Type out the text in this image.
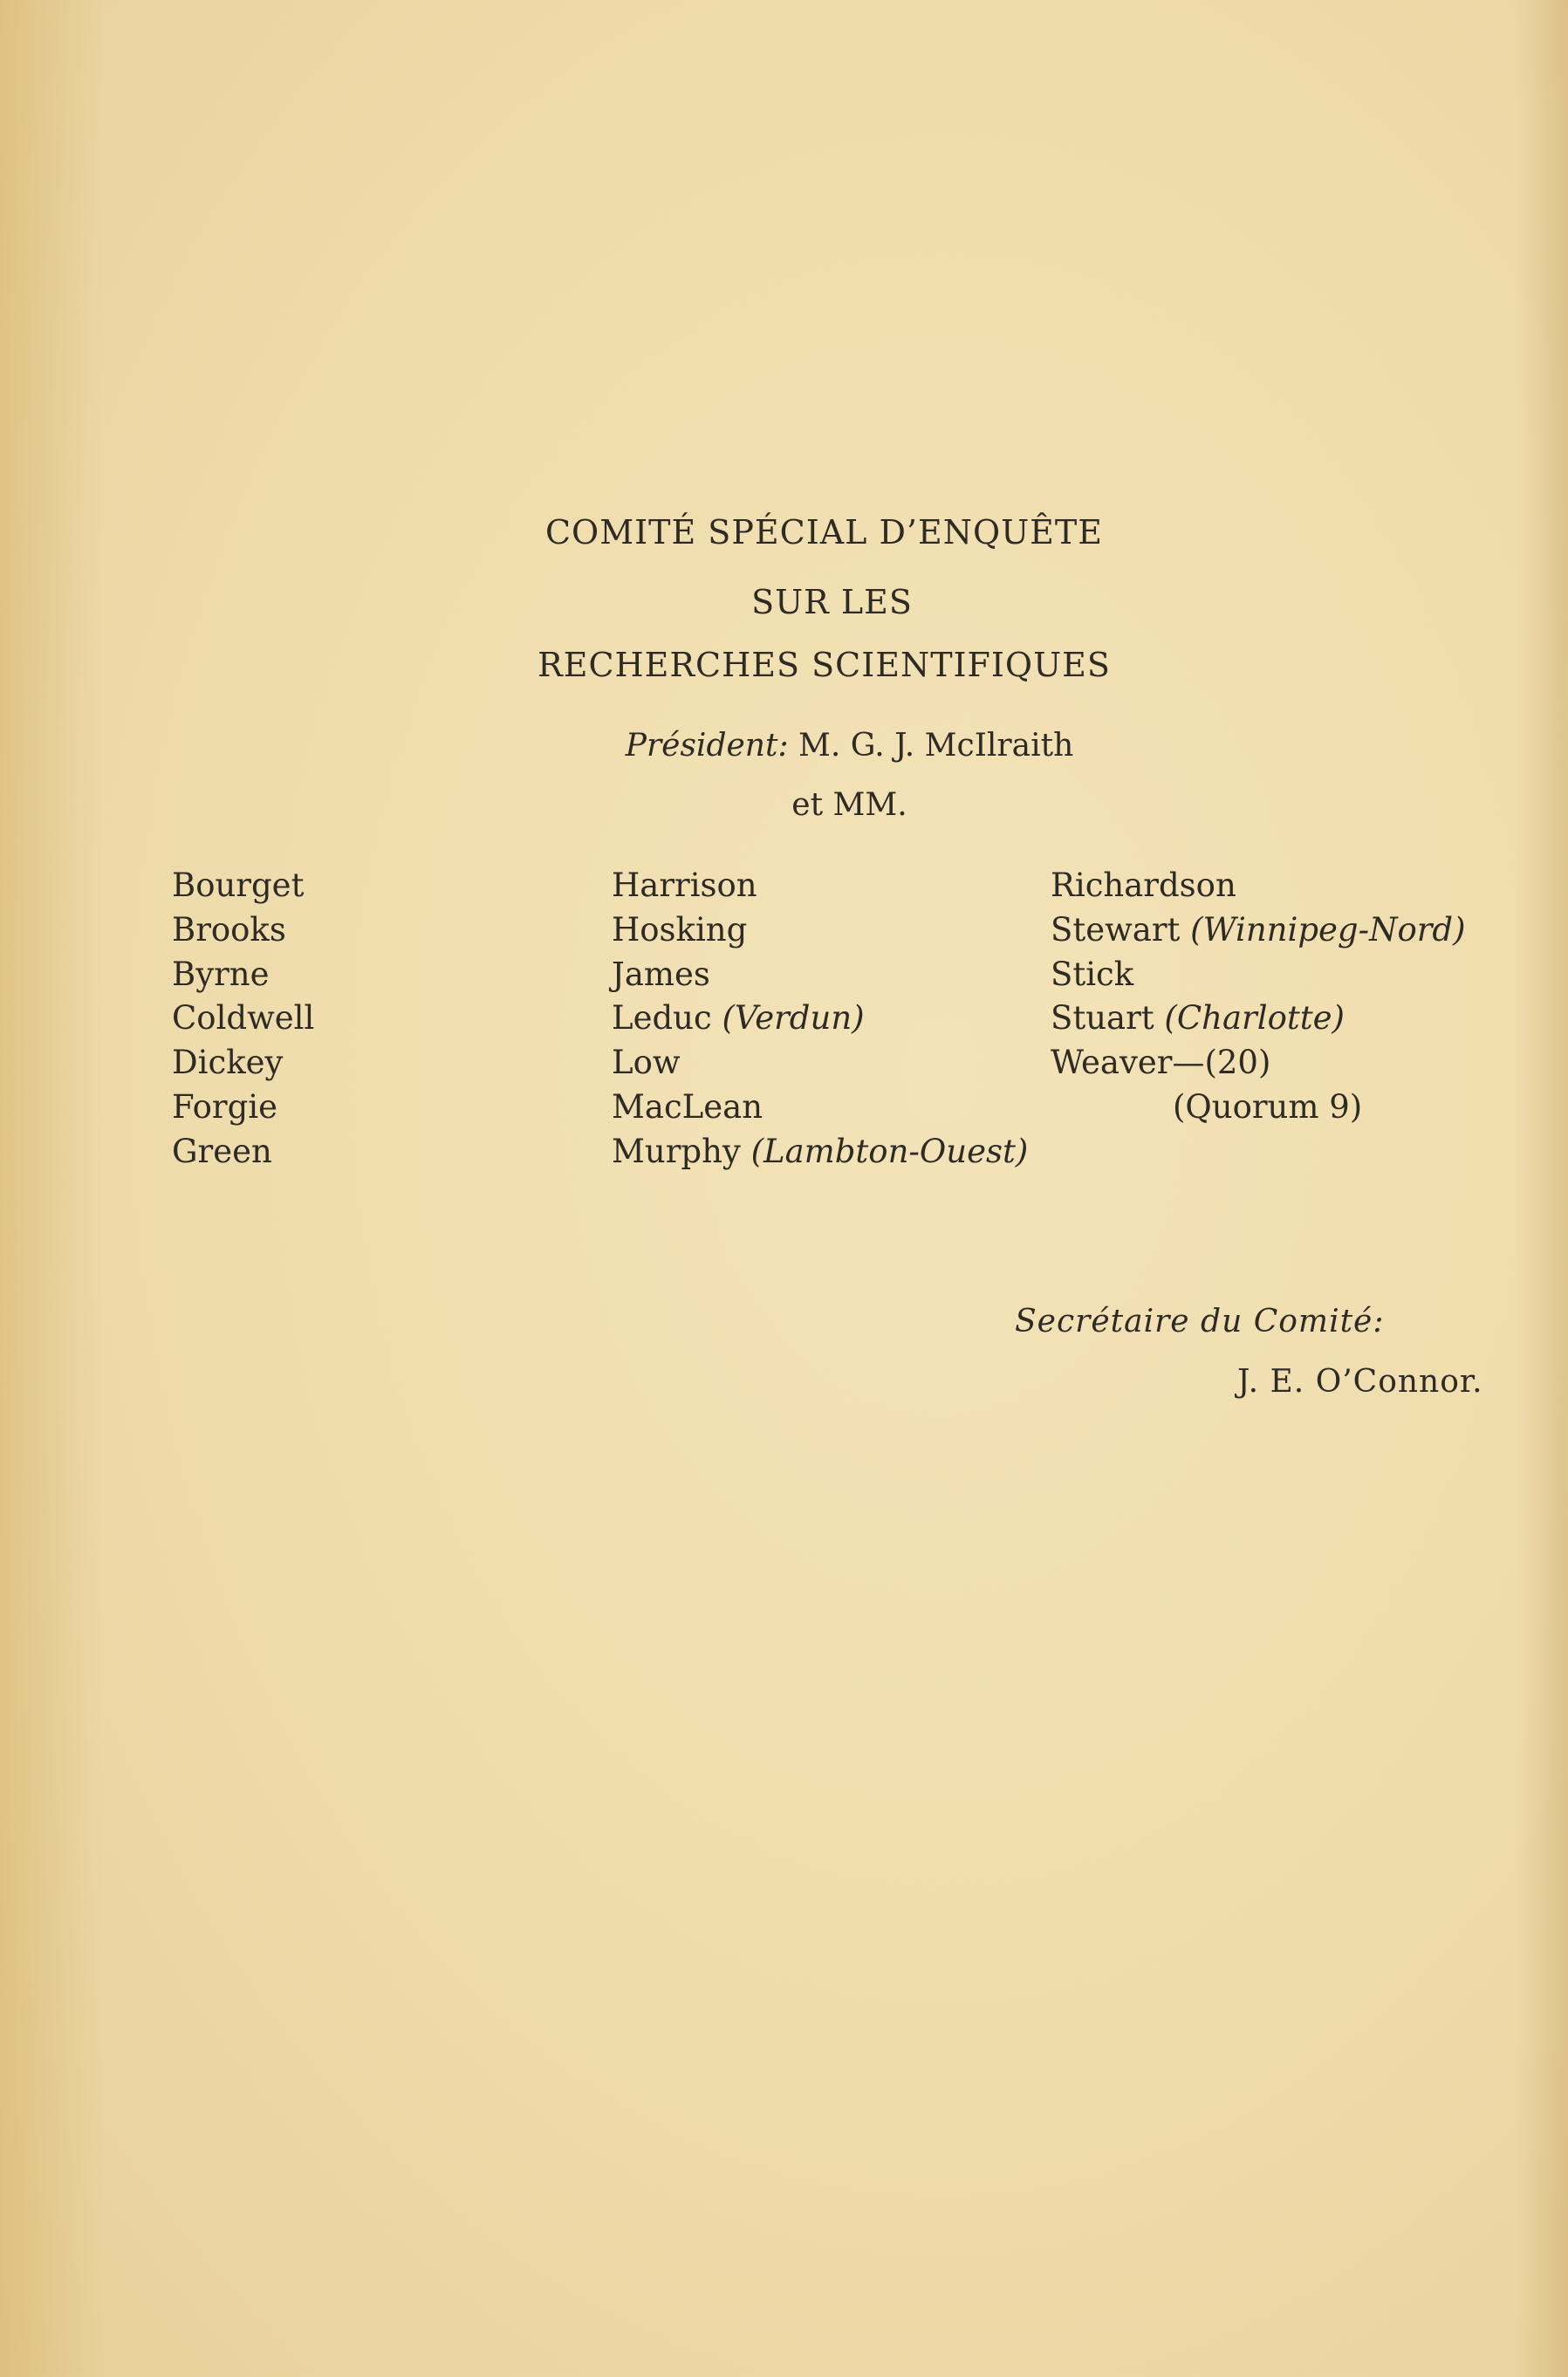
COMITÉ SPÉCIAL D’ENQUÊTE
SUR LES
RECHERCHES SCIENTIFIQUES
Président: M. G. J. McIlraith
et MM.
Bourget
Brooks
Byrne
Coldwell
Dickey
Forgie
Green
Harrison
Hosking
James
Leduc (Verdun)
Low
MacLean
Murphy (Lambton-Ouest)
Richardson
Stewart (Winnipeg-Nord)
Stick
Stuart (Charlotte)
Weaver—(20)
(Quorum 9)
Secrétaire du Comité:
J. E. O’Connor.
